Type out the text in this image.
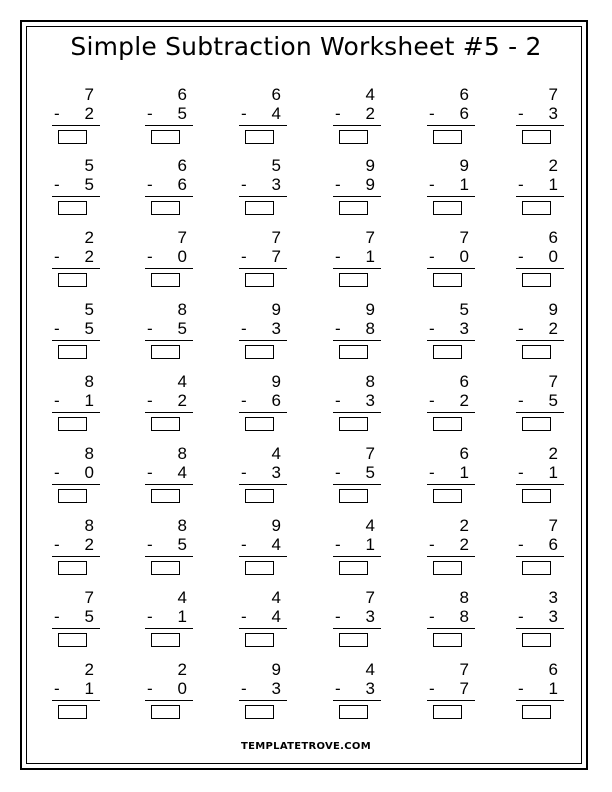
Simple Subtraction Worksheet #5 - 2
7
- 2
6
- 5
6
- 4
4
- 2
6
- 6
7
- 3
5
- 5
6
- 6
5
- 3
9
- 9
9
- 1
2
- 1
2
- 2
7
- 0
7
- 7
7
- 1
7
- 0
6
- 0
5
- 5
8
- 5
9
- 3
9
- 8
5
- 3
9
- 2
8
- 1
4
- 2
9
- 6
8
- 3
6
- 2
7
- 5
8
- 0
8
- 4
4
- 3
7
- 5
6
- 1
2
- 1
8
- 2
8
- 5
9
- 4
4
- 1
2
- 2
7
- 6
7
- 5
4
- 1
4
- 4
7
- 3
8
- 8
3
- 3
2
- 1
2
- 0
9
- 3
4
- 3
7
- 7
6
- 1
TEMPLATETROVE.COM
